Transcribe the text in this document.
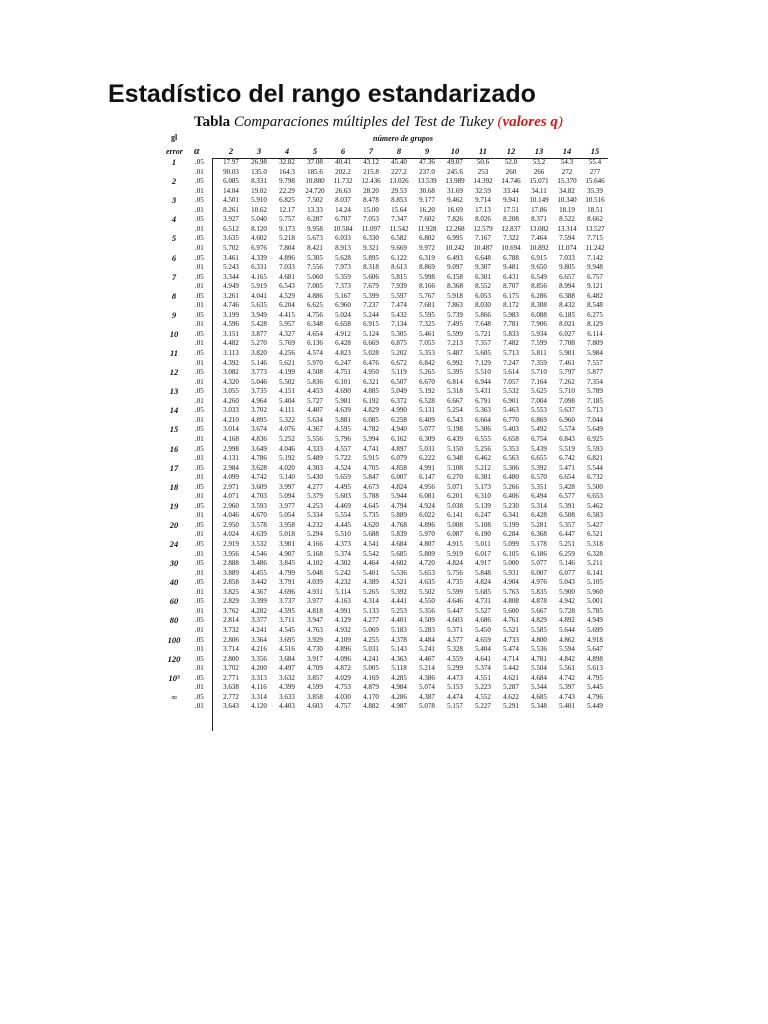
Estadístico del rango estandarizado
Tabla Comparaciones múltiples del Test de Tukey (valores q)
gl
error
número de grupos
α	2	3	4	5	6	7	8	9	10	11	12	13	14	15
1	.05	17.97	26.98	32.82	37.08	40.41	43.12	45.40	47.36	49.07	50.6	52.0	53.2	54.3	55.4
.01	90.03	135.0	164.3	185.6	202.2	215.8	227.2	237.0	245.6	253	260	266	272	277
2	.05	6.085	8.331	9.798	10.880	11.732	12.436	13.026	13.539	13.989	14.392	14.746	15.071	15.370	15.646
.01	14.04	19.02	22.29	24.720	26.63	28.20	29.53	30.68	31.69	32.59	33.44	34.11	34.82	35.39
3	.05	4.501	5.910	6.825	7.502	8.037	8.478	8.853	9.177	9.462	9.714	9.941	10.149	10.340	10.516
.01	8.261	10.62	12.17	13.33	14.24	15.00	15.64	16.20	16.69	17.13	17.51	17.86	18.19	18.51
4	.05	3.927	5.040	5.757	6.287	6.707	7.053	7.347	7.602	7.826	8.026	8.208	8.371	8.522	8.662
.01	6.512	8.120	9.173	9.958	10.584	11.097	11.542	11.928	12.268	12.579	12.837	13.082	13.314	13.527
5	.05	3.635	4.602	5.218	5.673	6.033	6.330	6.582	6.802	6.995	7.167	7.322	7.464	7.594	7.715
.01	5.702	6.976	7.804	8.421	8.913	9.321	9.669	9.972	10.242	10.487	10.694	10.892	11.074	11.242
6	.05	3.461	4.339	4.896	5.305	5.628	5.895	6.122	6.319	6.493	6.648	6.788	6.915	7.033	7.142
.01	5.243	6.331	7.033	7.556	7.973	8.318	8.613	8.869	9.097	9.307	9.481	9.650	9.805	9.948
7	.05	3.344	4.165	4.681	5.060	5.359	5.606	5.815	5.998	6.158	6.301	6.431	6.549	6.657	6.757
.01	4.949	5.919	6.543	7.005	7.373	7.679	7.939	8.166	8.368	8.552	8.707	8.856	8.994	9.121
8	.05	3.261	4.041	4.529	4.886	5.167	5.399	5.597	5.767	5.918	6.053	6.175	6.286	6.388	6.482
.01	4.746	5.635	6.204	6.625	6.960	7.237	7.474	7.681	7.863	8.030	8.172	8.308	8.432	8.548
9	.05	3.199	3.949	4.415	4.756	5.024	5.244	5.432	5.595	5.739	5.866	5.983	6.088	6.185	6.275
.01	4.596	5.428	5.957	6.348	6.658	6.915	7.134	7.325	7.495	7.648	7.781	7.906	8.021	8.129
10	.05	3.151	3.877	4.327	4.654	4.912	5.124	5.305	5.461	5.599	5.721	5.833	5.934	6.027	6.114
.01	4.482	5.270	5.769	6.136	6.428	6.669	6.875	7.055	7.213	7.357	7.482	7.599	7.708	7.809
11	.05	3.113	3.820	4.256	4.574	4.823	5.028	5.202	5.353	5.487	5.605	5.713	5.811	5.901	5.984
.01	4.392	5.146	5.621	5.970	6.247	6.476	6.672	6.842	6.992	7.129	7.247	7.359	7.461	7.557
12	.05	3.082	3.773	4.199	4.508	4.751	4.950	5.119	5.265	5.395	5.510	5.614	5.710	5.797	5.877
.01	4.320	5.046	5.502	5.836	6.101	6.321	6.507	6.670	6.814	6.944	7.057	7.164	7.262	7.354
13	.05	3.055	3.735	4.151	4.453	4.690	4.885	5.049	5.192	5.318	5.431	5.532	5.625	5.710	5.789
.01	4.260	4.964	5.404	5.727	5.981	6.192	6.372	6.528	6.667	6.791	6.901	7.004	7.098	7.185
14	.05	3.033	3.702	4.111	4.407	4.639	4.829	4.990	5.131	5.254	5.363	5.463	5.553	5.637	5.713
.01	4.210	4.895	5.322	5.634	5.881	6.085	6.258	6.409	6.543	6.664	6.770	6.869	6.960	7.044
15	.05	3.014	3.674	4.076	4.367	4.595	4.782	4.940	5.077	5.198	5.306	5.403	5.492	5.574	5.649
.01	4.168	4.836	5.252	5.556	5.796	5.994	6.162	6.309	6.439	6.555	6.658	6.754	6.843	6.925
16	.05	2.998	3.649	4.046	4.333	4.557	4.741	4.897	5.031	5.150	5.256	5.353	5.439	5.519	5.593
.01	4.131	4.786	5.192	5.489	5.722	5.915	6.079	6.222	6.348	6.462	6.563	6.655	6.742	6.821
17	.05	2.984	3.628	4.020	4.303	4.524	4.705	4.858	4.991	5.108	5.212	5.306	5.392	5.471	5.544
.01	4.099	4.742	5.140	5.430	5.659	5.847	6.007	6.147	6.270	6.381	6.480	6.570	6.654	6.732
18	.05	2.971	3.609	3.997	4.277	4.495	4.673	4.824	4.956	5.071	5.173	5.266	5.351	5.428	5.500
.01	4.071	4.703	5.094	5.379	5.603	5.788	5.944	6.081	6.201	6.310	6.406	6.494	6.577	6.653
19	.05	2.960	3.593	3.977	4.253	4.469	4.645	4.794	4.924	5.038	5.139	5.230	5.314	5.391	5.462
.01	4.046	4.670	5.054	5.334	5.554	5.735	5.889	6.022	6.141	6.247	6.341	6.428	6.508	6.583
20	.05	2.950	3.578	3.958	4.232	4.445	4.620	4.768	4.896	5.008	5.108	5.199	5.281	5.357	5.427
.01	4.024	4.639	5.018	5.294	5.510	5.688	5.839	5.970	6.087	6.190	6.284	6.368	6.447	6.521
24	.05	2.919	3.532	3.901	4.166	4.373	4.541	4.684	4.807	4.915	5.011	5.099	5.178	5.251	5.318
.01	3.956	4.546	4.907	5.168	5.374	5.542	5.685	5.809	5.919	6.017	6.105	6.186	6.259	6.328
30	.05	2.888	3.486	3.845	4.102	4.302	4.464	4.602	4.720	4.824	4.917	5.000	5.077	5.146	5.211
.01	3.889	4.455	4.799	5.048	5.242	5.401	5.536	5.653	5.756	5.848	5.931	6.007	6.077	6.141
40	.05	2.858	3.442	3.791	4.039	4.232	4.389	4.521	4.635	4.735	4.824	4.904	4.976	5.043	5.105
.01	3.825	4.367	4.696	4.931	5.114	5.265	5.392	5.502	5.599	5.685	5.763	5.835	5.900	5.960
60	.05	2.829	3.399	3.737	3.977	4.163	4.314	4.441	4.550	4.646	4.731	4.808	4.878	4.942	5.001
.01	3.762	4.282	4.595	4.818	4.991	5.133	5.253	5.356	5.447	5.527	5.600	5.667	5.728	5.785
80	.05	2.814	3.377	3.711	3.947	4.129	4.277	4.401	4.509	4.603	4.686	4.761	4.829	4.892	4.949
.01	3.732	4.241	4.545	4.763	4.932	5.069	5.183	5.283	5.371	5.450	5.521	5.585	5.644	5.699
100 .05	2.806	3.364	3.695	3.929	4.109	4.255	4.378	4.484	4.577	4.659	4.733	4.800	4.862	4.918
.01	3.714	4.216	4.516	4.730	4.896	5.031	5.143	5.241	5.328	5.404	5.474	5.536	5.594	5.647
120 .05	2.800	3.356	3.684	3.917	4.096	4.241	4.363	4.467	4.559	4.641	4.714	4.781	4.842	4.898
.01	3.702	4.200	4.497	4.709	4.872	5.005	5.118	5.214	5.299	5.374	5.442	5.504	5.561	5.613
10³	.05	2.771	3.313	3.632	3.857	4.029	4.169	4.285	4.386	4.473	4.551	4.621	4.684	4.742	4.795
.01	3.638	4.116	4.399	4.599	4.753	4.879	4.984	5.074	5.153	5.223	5.287	5.344	5.397	5.445
∞	.05	2.772	3.314	3.633	3.858	4.030	4.170	4.286	4.387	4.474	4.552	4.622	4.685	4.743	4.796
.01	3.643	4.120	4.403	4.603	4.757	4.882	4.987	5.078	5.157	5.227	5.291	5.348	5.401	5.449
